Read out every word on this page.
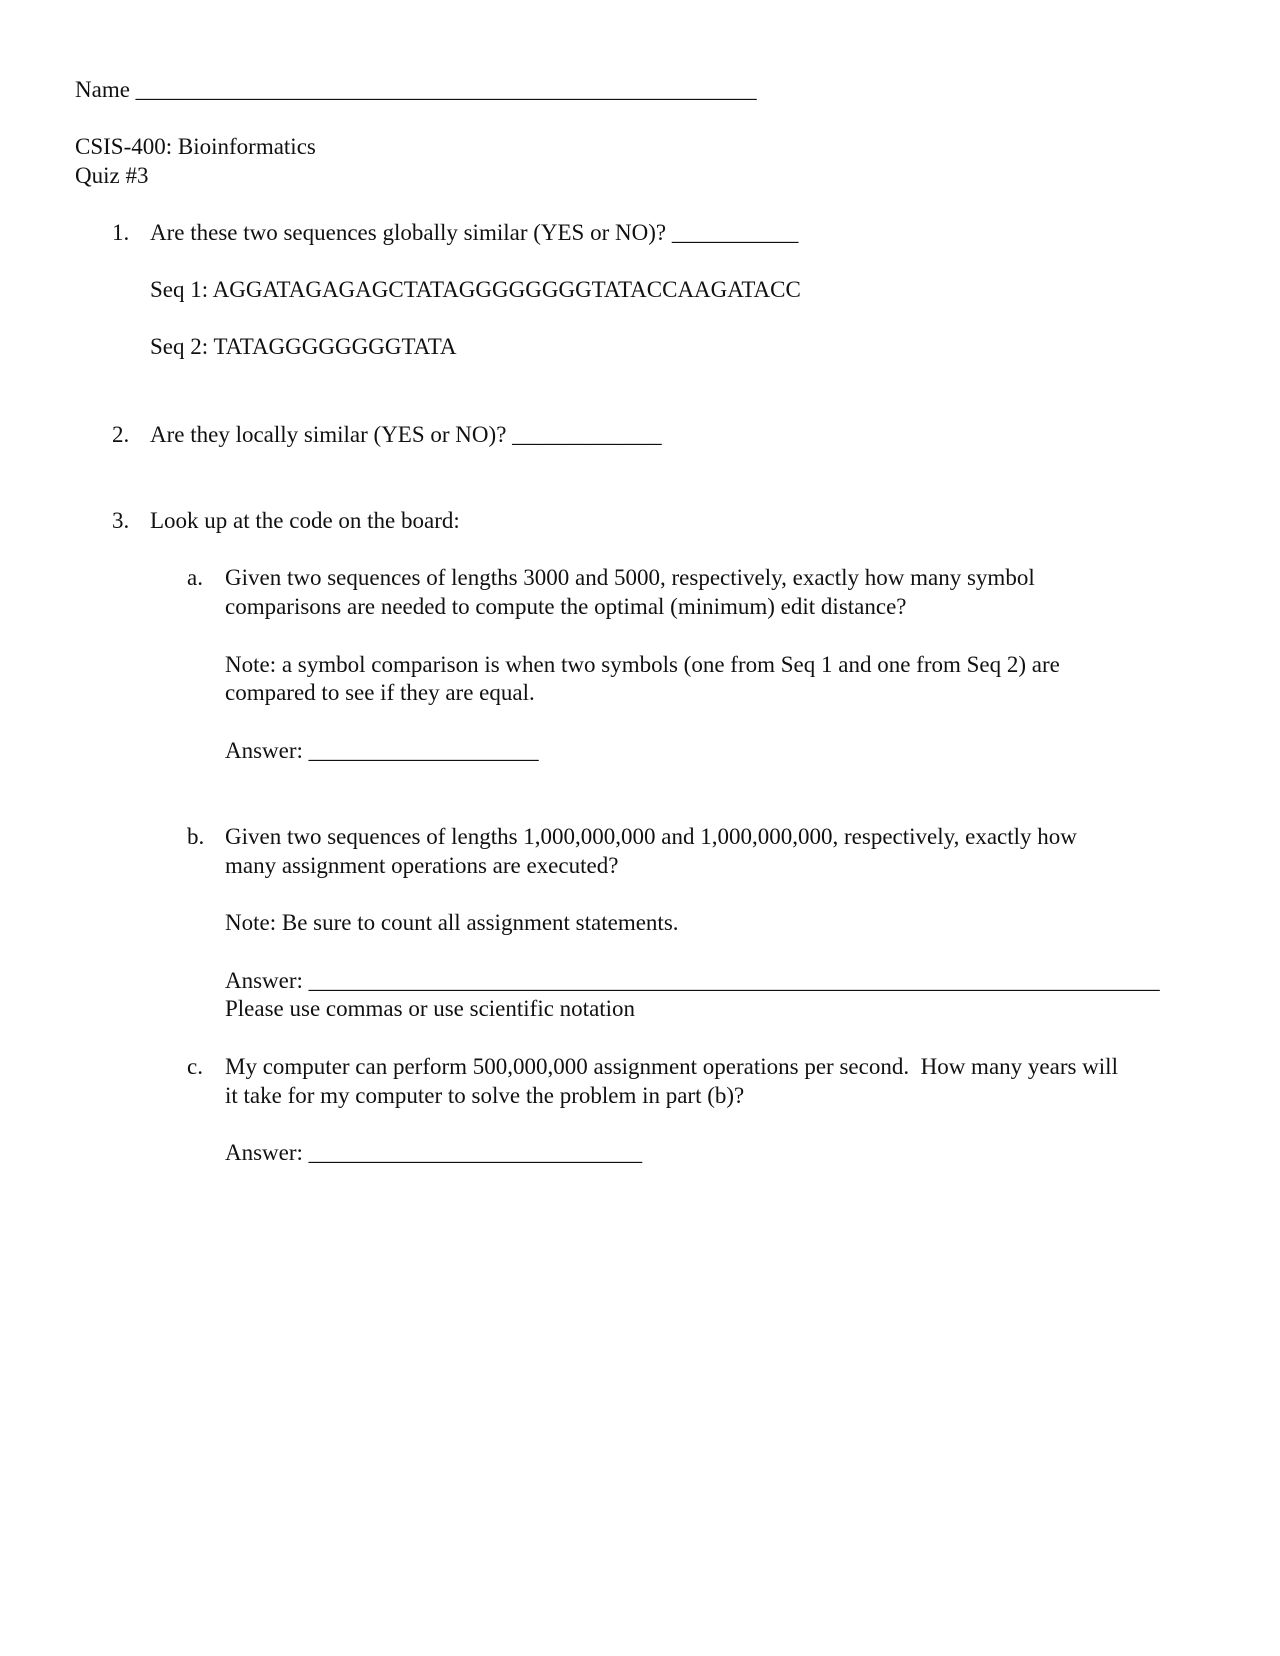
Name ______________________________________________________
CSIS-400: Bioinformatics
Quiz #3
1. Are these two sequences globally similar (YES or NO)? ___________
Seq 1: AGGATAGAGAGCTATAGGGGGGGGTATACCAAGATACC
Seq 2: TATAGGGGGGGGTATA
2. Are they locally similar (YES or NO)? _____________
3. Look up at the code on the board:
a. Given two sequences of lengths 3000 and 5000, respectively, exactly how many symbol
comparisons are needed to compute the optimal (minimum) edit distance?
Note: a symbol comparison is when two symbols (one from Seq 1 and one from Seq 2) are
compared to see if they are equal.
Answer: ____________________
b. Given two sequences of lengths 1,000,000,000 and 1,000,000,000, respectively, exactly how
many assignment operations are executed?
Note: Be sure to count all assignment statements.
Answer: __________________________________________________________________________
Please use commas or use scientific notation
c. My computer can perform 500,000,000 assignment operations per second.  How many years will
it take for my computer to solve the problem in part (b)?
Answer: _____________________________
